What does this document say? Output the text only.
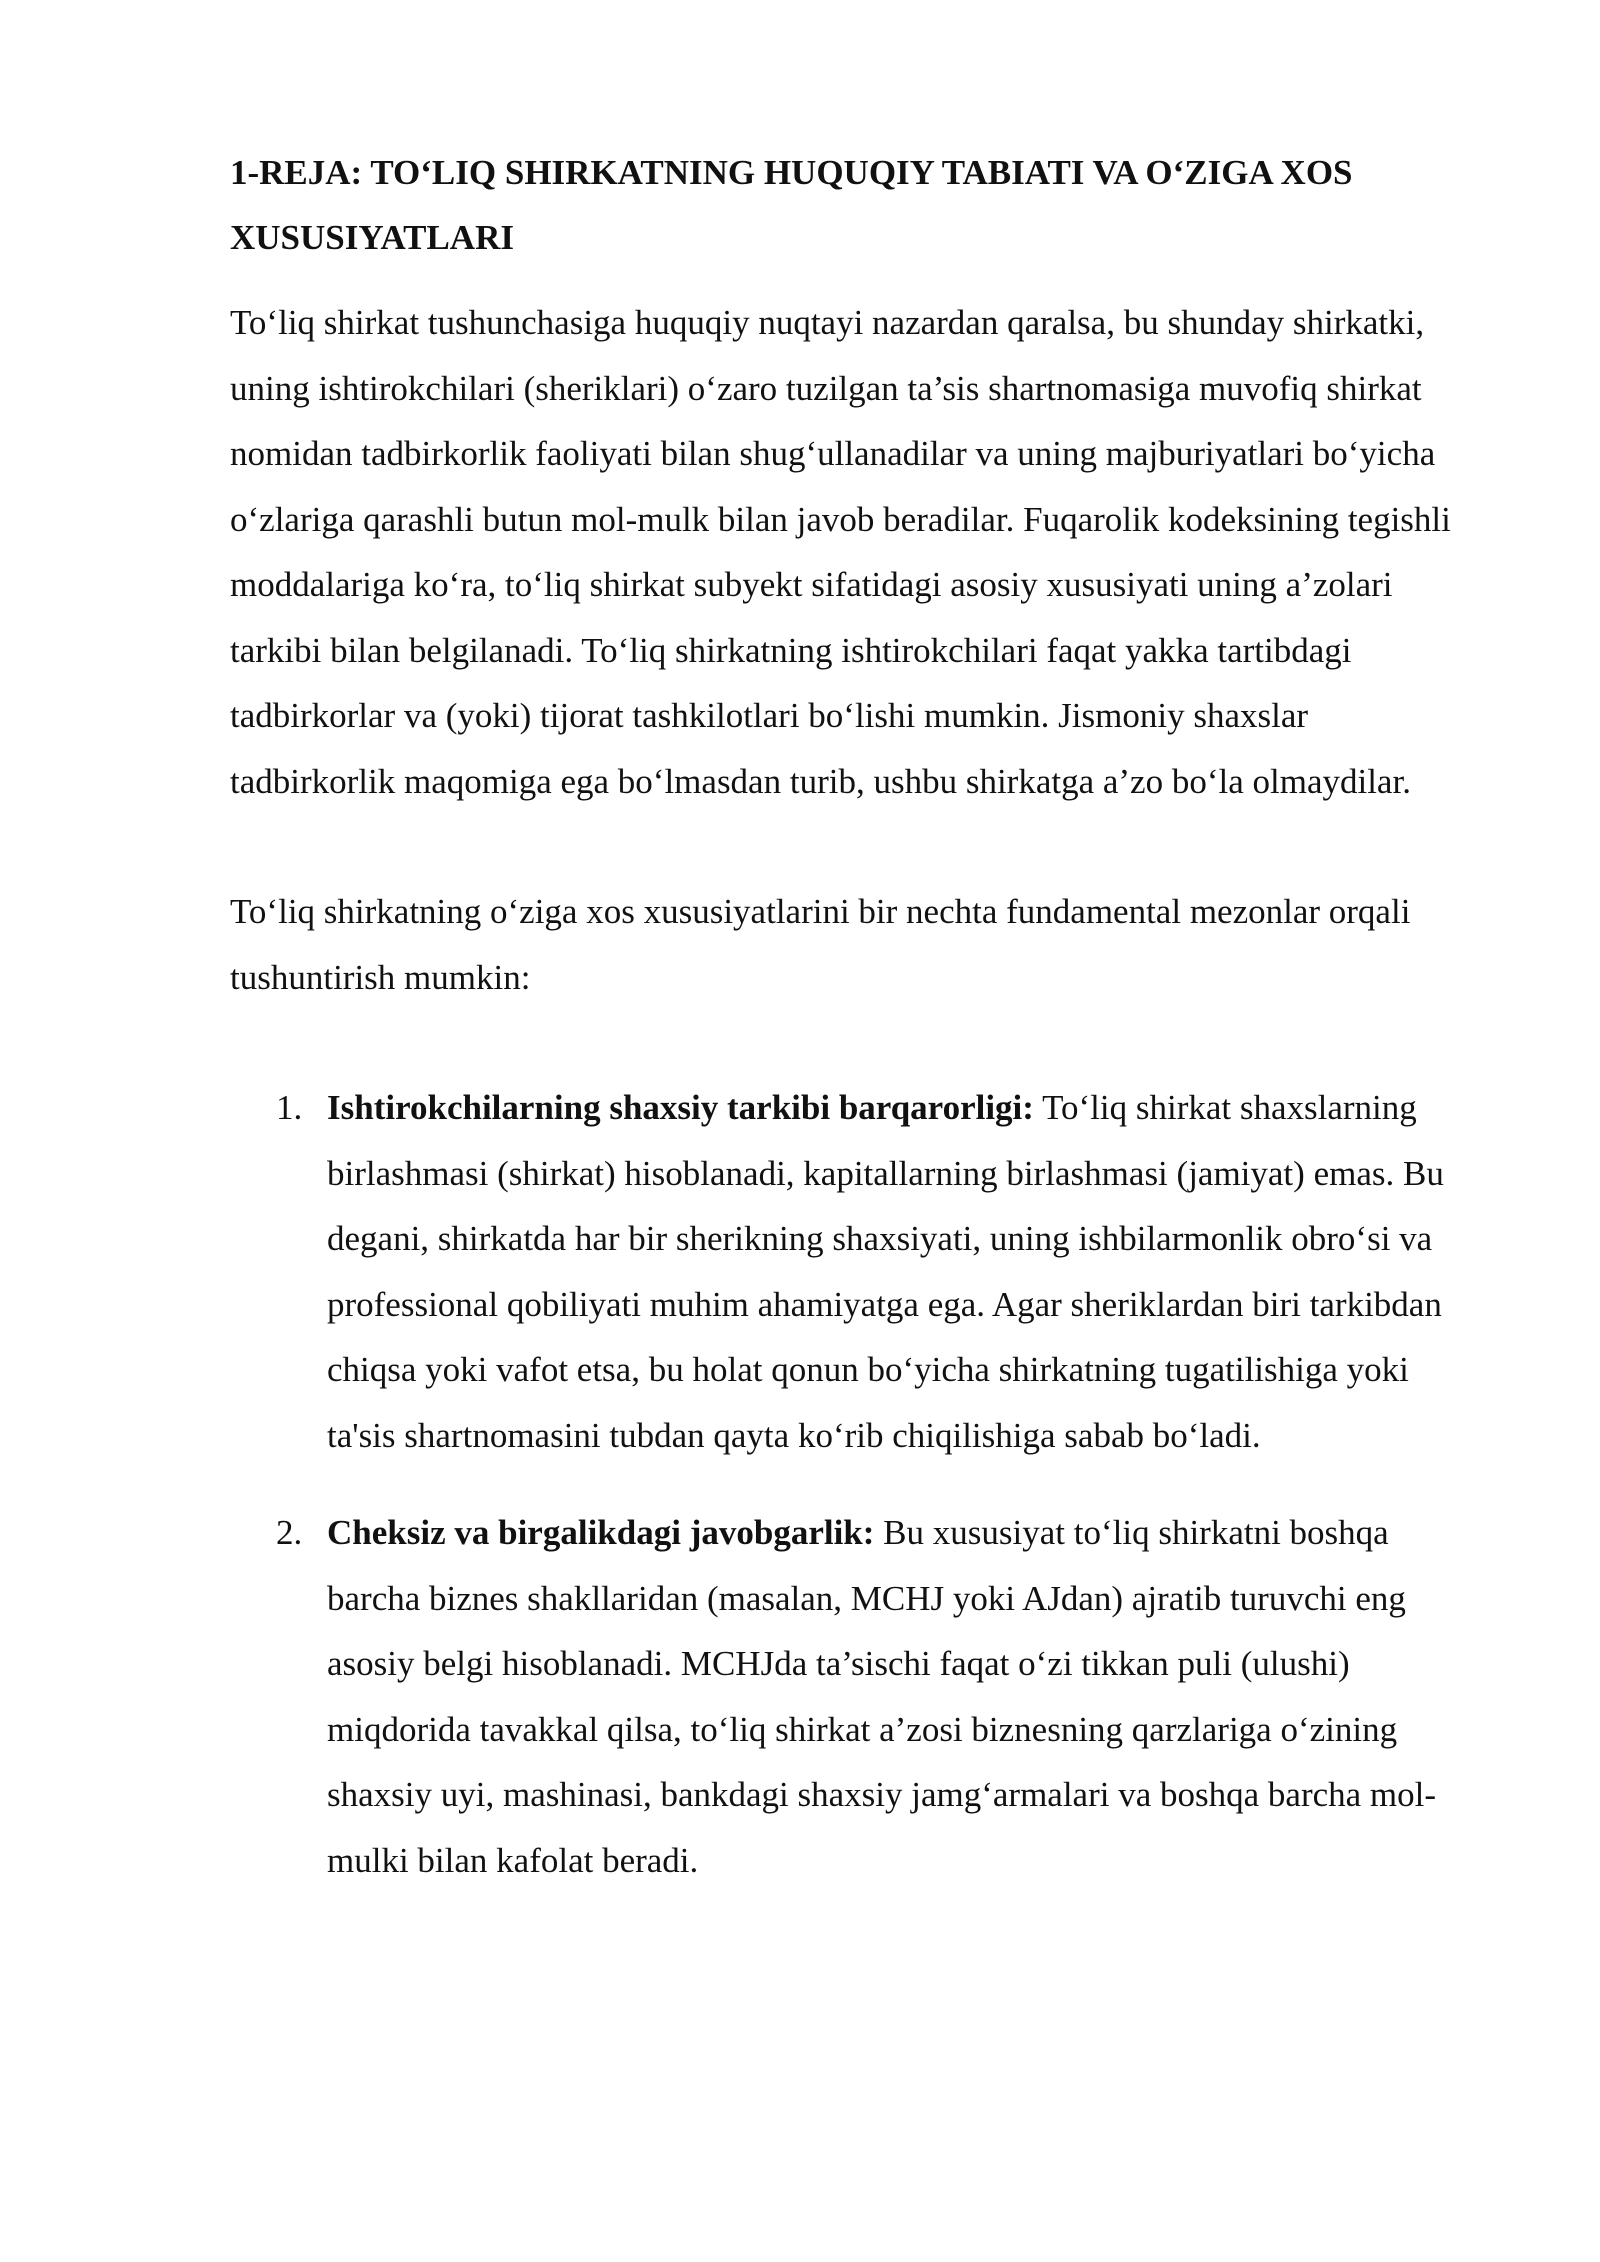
1-REJA: TO‘LIQ SHIRKATNING HUQUQIY TABIATI VA O‘ZIGA XOS XUSUSIYATLARI

To‘liq shirkat tushunchasiga huquqiy nuqtayi nazardan qaralsa, bu shunday shirkatki, uning ishtirokchilari (sheriklari) o‘zaro tuzilgan ta’sis shartnomasiga muvofiq shirkat nomidan tadbirkorlik faoliyati bilan shug‘ullanadilar va uning majburiyatlari bo‘yicha o‘zlariga qarashli butun mol-mulk bilan javob beradilar. Fuqarolik kodeksining tegishli moddalariga ko‘ra, to‘liq shirkat subyekt sifatidagi asosiy xususiyati uning a’zolari tarkibi bilan belgilanadi. To‘liq shirkatning ishtirokchilari faqat yakka tartibdagi tadbirkorlar va (yoki) tijorat tashkilotlari bo‘lishi mumkin. Jismoniy shaxslar tadbirkorlik maqomiga ega bo‘lmasdan turib, ushbu shirkatga a’zo bo‘la olmaydilar.

To‘liq shirkatning o‘ziga xos xususiyatlarini bir nechta fundamental mezonlar orqali tushuntirish mumkin:

1. Ishtirokchilarning shaxsiy tarkibi barqarorligi: To‘liq shirkat shaxslarning birlashmasi (shirkat) hisoblanadi, kapitallarning birlashmasi (jamiyat) emas. Bu degani, shirkatda har bir sherikning shaxsiyati, uning ishbilarmonlik obro‘si va professional qobiliyati muhim ahamiyatga ega. Agar sheriklardan biri tarkibdan chiqsa yoki vafot etsa, bu holat qonun bo‘yicha shirkatning tugatilishiga yoki ta'sis shartnomasini tubdan qayta ko‘rib chiqilishiga sabab bo‘ladi.
2. Cheksiz va birgalikdagi javobgarlik: Bu xususiyat to‘liq shirkatni boshqa barcha biznes shakllaridan (masalan, MCHJ yoki AJdan) ajratib turuvchi eng asosiy belgi hisoblanadi. MCHJda ta’sischi faqat o‘zi tikkan puli (ulushi) miqdorida tavakkal qilsa, to‘liq shirkat a’zosi biznesning qarzlariga o‘zining shaxsiy uyi, mashinasi, bankdagi shaxsiy jamg‘armalari va boshqa barcha mol-mulki bilan kafolat beradi.
